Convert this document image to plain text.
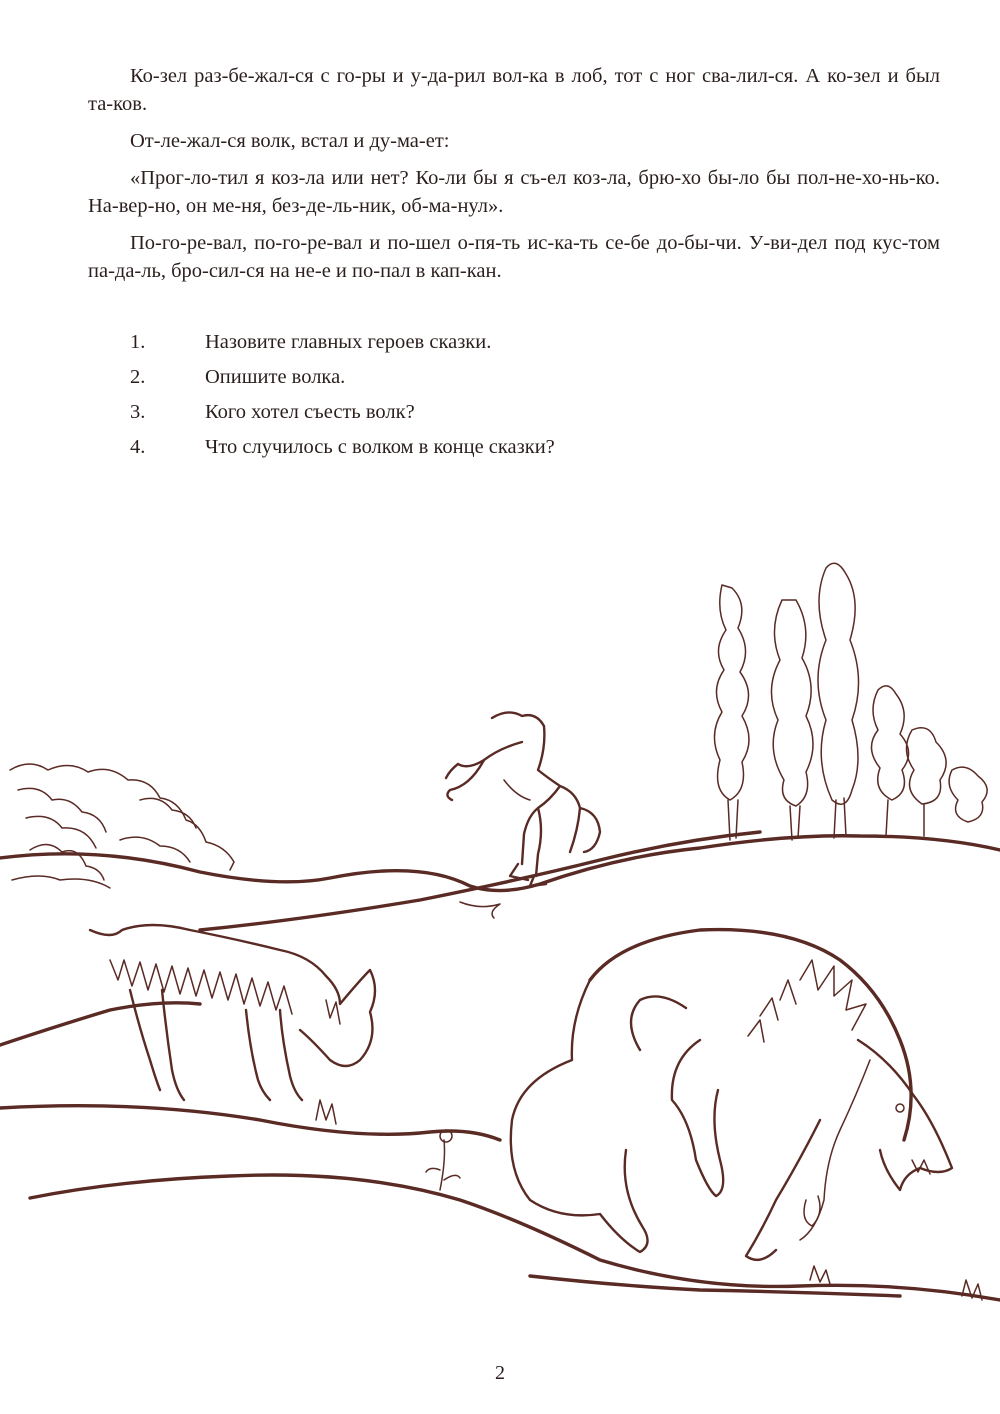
Ко-зел раз-бе-жал-ся с го-ры и у-да-рил вол-ка в лоб, тот с ног сва-лил-ся. А ко-зел и был та-ков.

От-ле-жал-ся волк, встал и ду-ма-ет:

«Прог-ло-тил я коз-ла или нет? Ко-ли бы я съ-ел коз-ла, брю-хо бы-ло бы пол-не-хо-нь-ко. На-вер-но, он ме-ня, без-де-ль-ник, об-ма-нул».

По-го-ре-вал, по-го-ре-вал и по-шел о-пя-ть ис-ка-ть се-бе до-бы-чи. У-ви-дел под кус-том па-да-ль, бро-сил-ся на не-е и по-пал в кап-кан.

1.	Назовите главных героев сказки.
2.	Опишите волка.
3.	Кого хотел съесть волк?
4.	Что случилось с волком в конце сказки?
2
